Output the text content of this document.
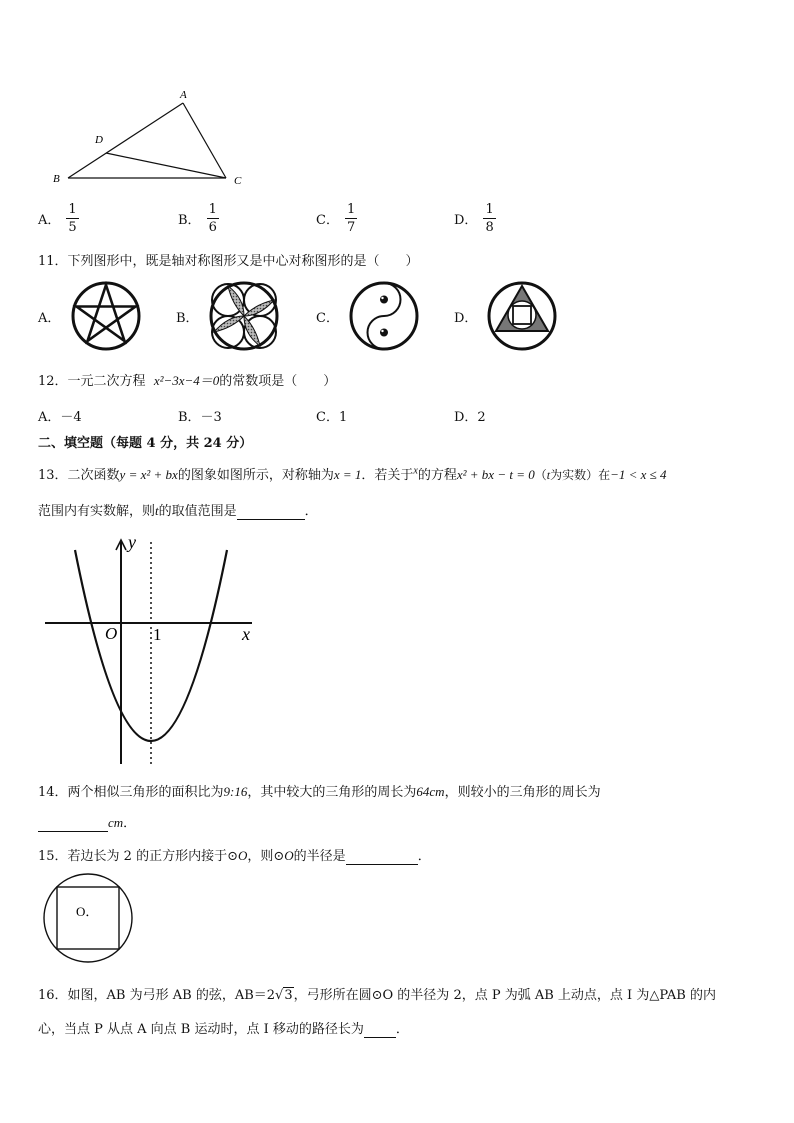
A
B	C
D
A． $\frac{1}{5}$	B． $\frac{1}{6}$	C． $\frac{1}{7}$	D． $\frac{1}{8}$
11．下列图形中，既是轴对称图形又是中心对称图形的是（　　）
A．	B．	C．	D．
12．一元二次方程 x²−3x−4＝0的常数项是（　　）
A．－4	B．－3	C．1	D．2
二、填空题（每题 4 分，共 24 分）
13．二次函数y = x² + bx的图象如图所示，对称轴为x = 1．若关于$^x$的方程x² + bx − t = 0（t为实数）在−1 < x ≤ 4
范围内有实数解，则t的取值范围是	．
y
x
O 1
14．两个相似三角形的面积比为9:16，其中较大的三角形的周长为64cm，则较小的三角形的周长为
cm．
15．若边长为 2 的正方形内接于⊙O，则⊙O的半径是	．
O．
16．如图，AB 为弓形 AB 的弦，AB＝2√3，弓形所在圆⊙O 的半径为 2，点 P 为弧 AB 上动点，点 I 为△PAB 的内
心，当点 P 从点 A 向点 B 运动时，点 I 移动的路径长为 ．
